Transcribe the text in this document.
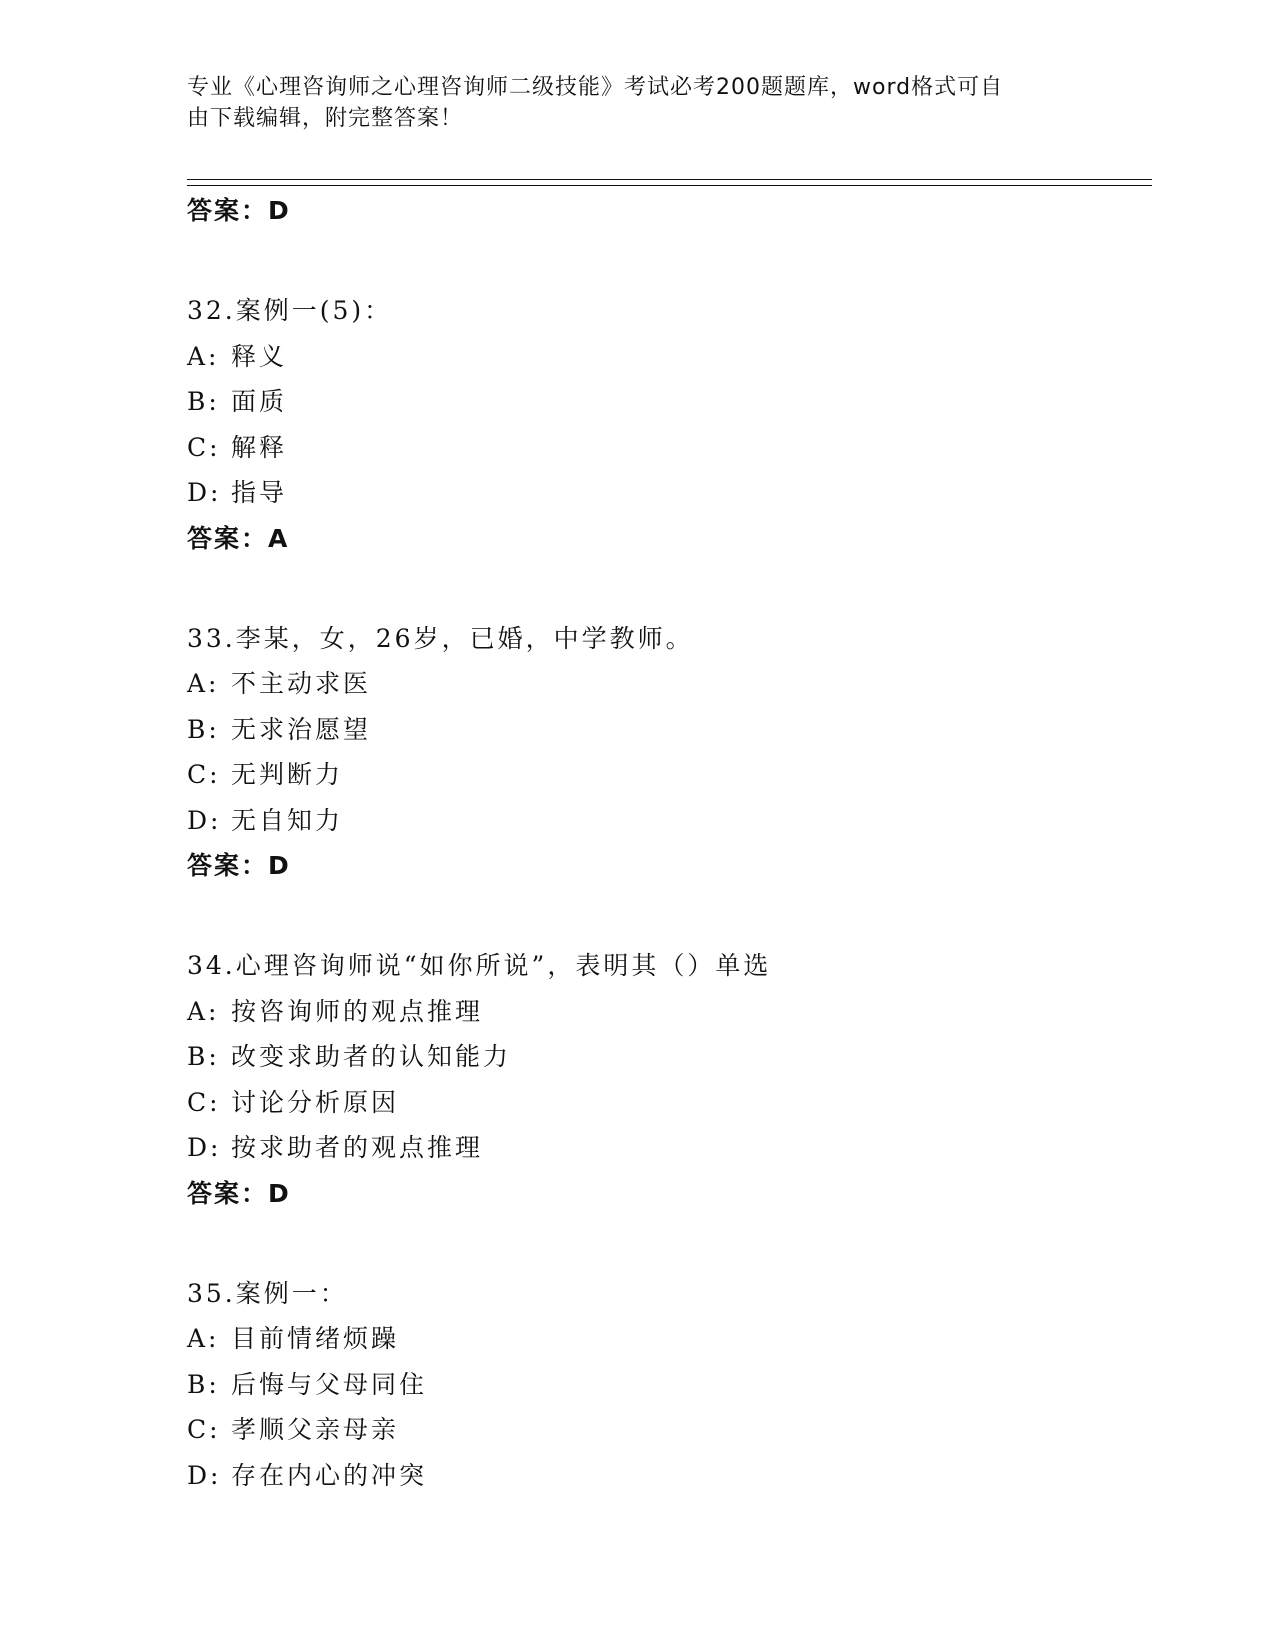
专业《心理咨询师之心理咨询师二级技能》考试必考200题题库，word格式可自
由下载编辑，附完整答案！
答案：D
32.案例一(5)：
A: 释义
B: 面质
C: 解释
D: 指导
答案：A
33.李某，女，26岁，已婚，中学教师。
A: 不主动求医
B: 无求治愿望
C: 无判断力
D: 无自知力
答案：D
34.心理咨询师说“如你所说”，表明其（）单选
A: 按咨询师的观点推理
B: 改变求助者的认知能力
C: 讨论分析原因
D: 按求助者的观点推理
答案：D
35.案例一：
A: 目前情绪烦躁
B: 后悔与父母同住
C: 孝顺父亲母亲
D: 存在内心的冲突
